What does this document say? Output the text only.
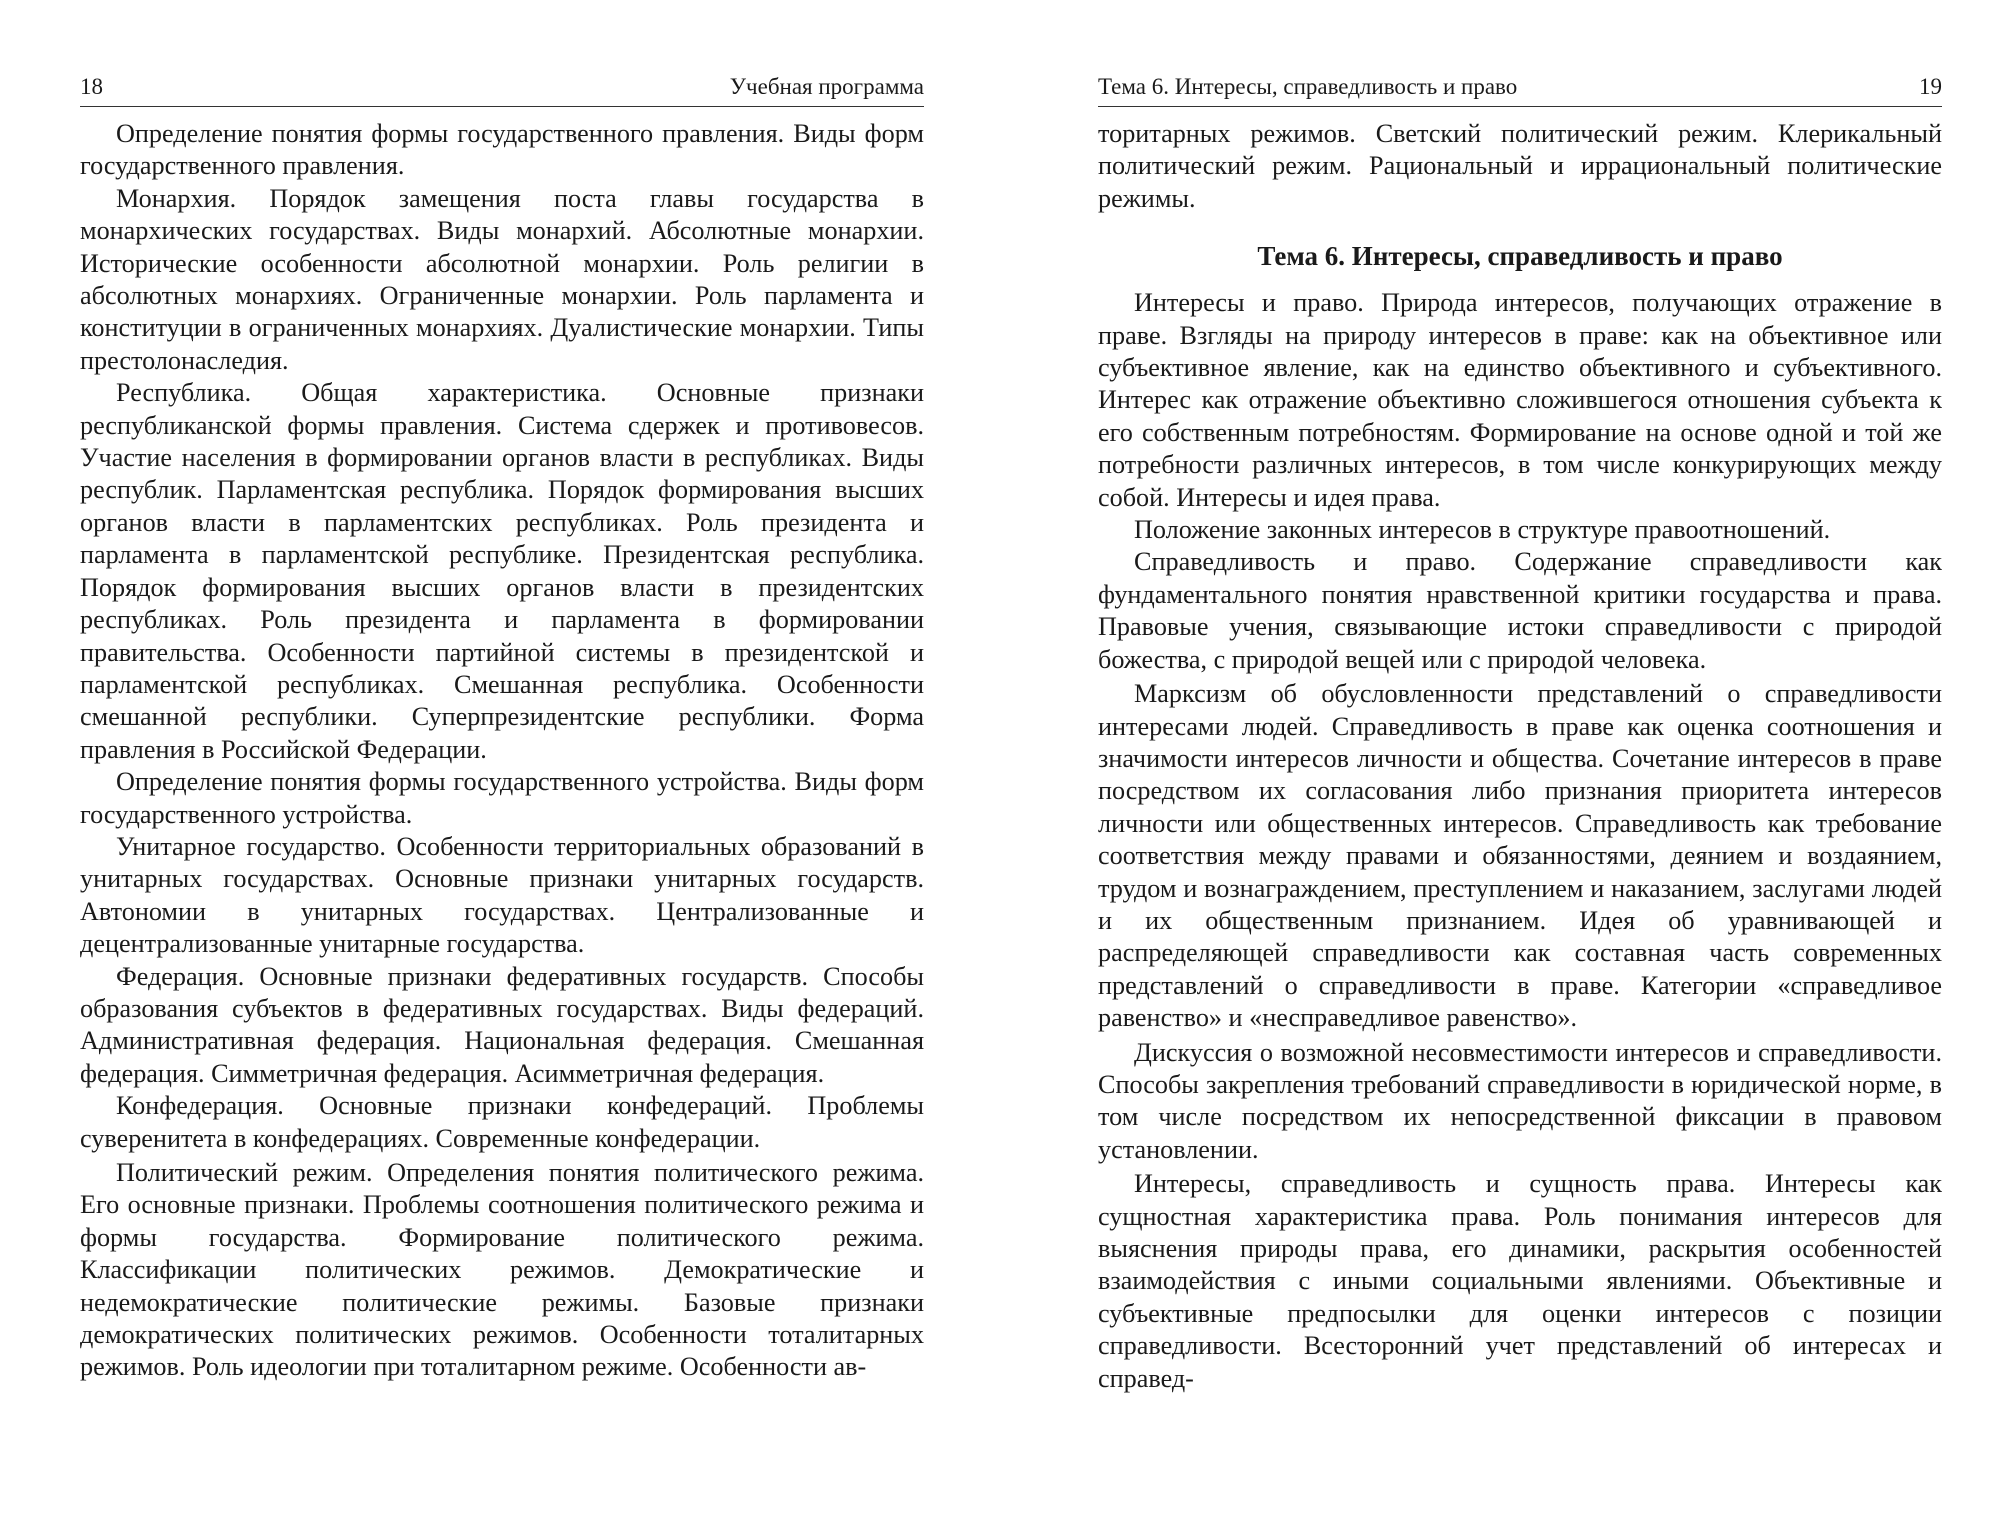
18	Учебная программа

Определение понятия формы государственного правления. Виды форм государственного правления.

Монархия. Порядок замещения поста главы государства в монархических государствах. Виды монархий. Абсолютные монархии. Исторические особенности абсолютной монархии. Роль религии в абсолютных монархиях. Ограниченные монархии. Роль парламента и конституции в ограниченных монархиях. Дуалистические монархии. Типы престолонаследия.

Республика. Общая характеристика. Основные признаки республиканской формы правления. Система сдержек и противовесов. Участие населения в формировании органов власти в республиках. Виды республик. Парламентская республика. Порядок формирования высших органов власти в парламентских республиках. Роль президента и парламента в парламентской республике. Президентская республика. Порядок формирования высших органов власти в президентских республиках. Роль президента и парламента в формировании правительства. Особенности партийной системы в президентской и парламентской республиках. Смешанная республика. Особенности смешанной республики. Суперпрезидентские республики. Форма правления в Российской Федерации.

Определение понятия формы государственного устройства. Виды форм государственного устройства.

Унитарное государство. Особенности территориальных образований в унитарных государствах. Основные признаки унитарных государств. Автономии в унитарных государствах. Централизованные и децентрализованные унитарные государства.

Федерация. Основные признаки федеративных государств. Способы образования субъектов в федеративных государствах. Виды федераций. Административная федерация. Национальная федерация. Смешанная федерация. Симметричная федерация. Асимметричная федерация.

Конфедерация. Основные признаки конфедераций. Проблемы суверенитета в конфедерациях. Современные конфедерации.

Политический режим. Определения понятия политического режима. Его основные признаки. Проблемы соотношения политического режима и формы государства. Формирование политического режима. Классификации политических режимов. Демократические и недемократические политические режимы. Базовые признаки демократических политических режимов. Особенности тоталитарных режимов. Роль идеологии при тоталитарном режиме. Особенности ав-

Тема 6. Интересы, справедливость и право	19

торитарных режимов. Светский политический режим. Клерикальный политический режим. Рациональный и иррациональный политические режимы.

Тема 6. Интересы, справедливость и право

Интересы и право. Природа интересов, получающих отражение в праве. Взгляды на природу интересов в праве: как на объективное или субъективное явление, как на единство объективного и субъективного. Интерес как отражение объективно сложившегося отношения субъекта к его собственным потребностям. Формирование на основе одной и той же потребности различных интересов, в том числе конкурирующих между собой. Интересы и идея права.

Положение законных интересов в структуре правоотношений.

Справедливость и право. Содержание справедливости как фундаментального понятия нравственной критики государства и права. Правовые учения, связывающие истоки справедливости с природой божества, с природой вещей или с природой человека.

Марксизм об обусловленности представлений о справедливости интересами людей. Справедливость в праве как оценка соотношения и значимости интересов личности и общества. Сочетание интересов в праве посредством их согласования либо признания приоритета интересов личности или общественных интересов. Справедливость как требование соответствия между правами и обязанностями, деянием и воздаянием, трудом и вознаграждением, преступлением и наказанием, заслугами людей и их общественным признанием. Идея об уравнивающей и распределяющей справедливости как составная часть современных представлений о справедливости в праве. Категории «справедливое равенство» и «несправедливое равенство».

Дискуссия о возможной несовместимости интересов и справедливости. Способы закрепления требований справедливости в юридической норме, в том числе посредством их непосредственной фиксации в правовом установлении.

Интересы, справедливость и сущность права. Интересы как сущностная характеристика права. Роль понимания интересов для выяснения природы права, его динамики, раскрытия особенностей взаимодействия с иными социальными явлениями. Объективные и субъективные предпосылки для оценки интересов с позиции справедливости. Всесторонний учет представлений об интересах и справед-
